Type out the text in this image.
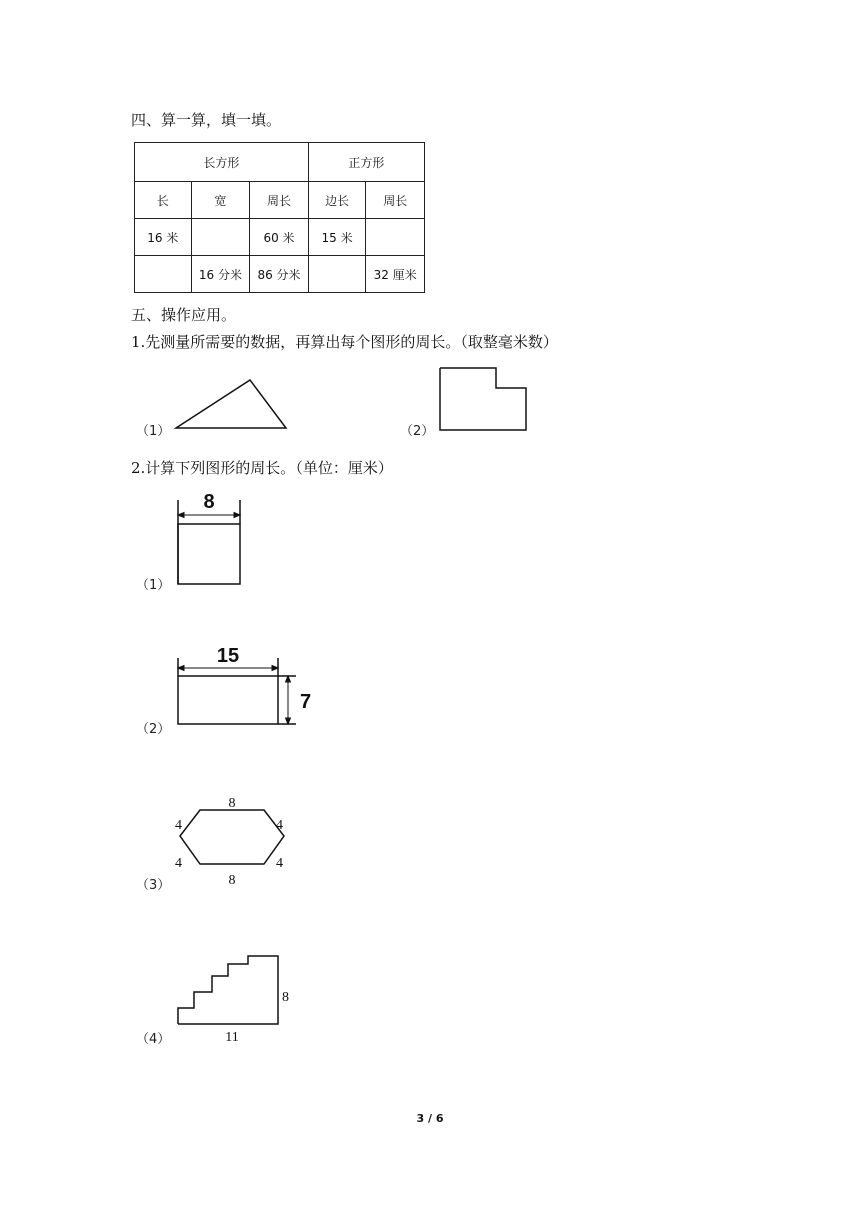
四、算一算，填一填。
长方形			正方形	
长	宽	周长	边长	周长
16 米		60 米	15 米	
	16 分米	86 分米		32 厘米
五、操作应用。
1.先测量所需要的数据，再算出每个图形的周长。（取整毫米数）
（1）	（2）
2.计算下列图形的周长。（单位：厘米）
（1）
8
（2）
15
7
（3）
8
8
4
4
4
4
（4）
8
11
3 / 6
